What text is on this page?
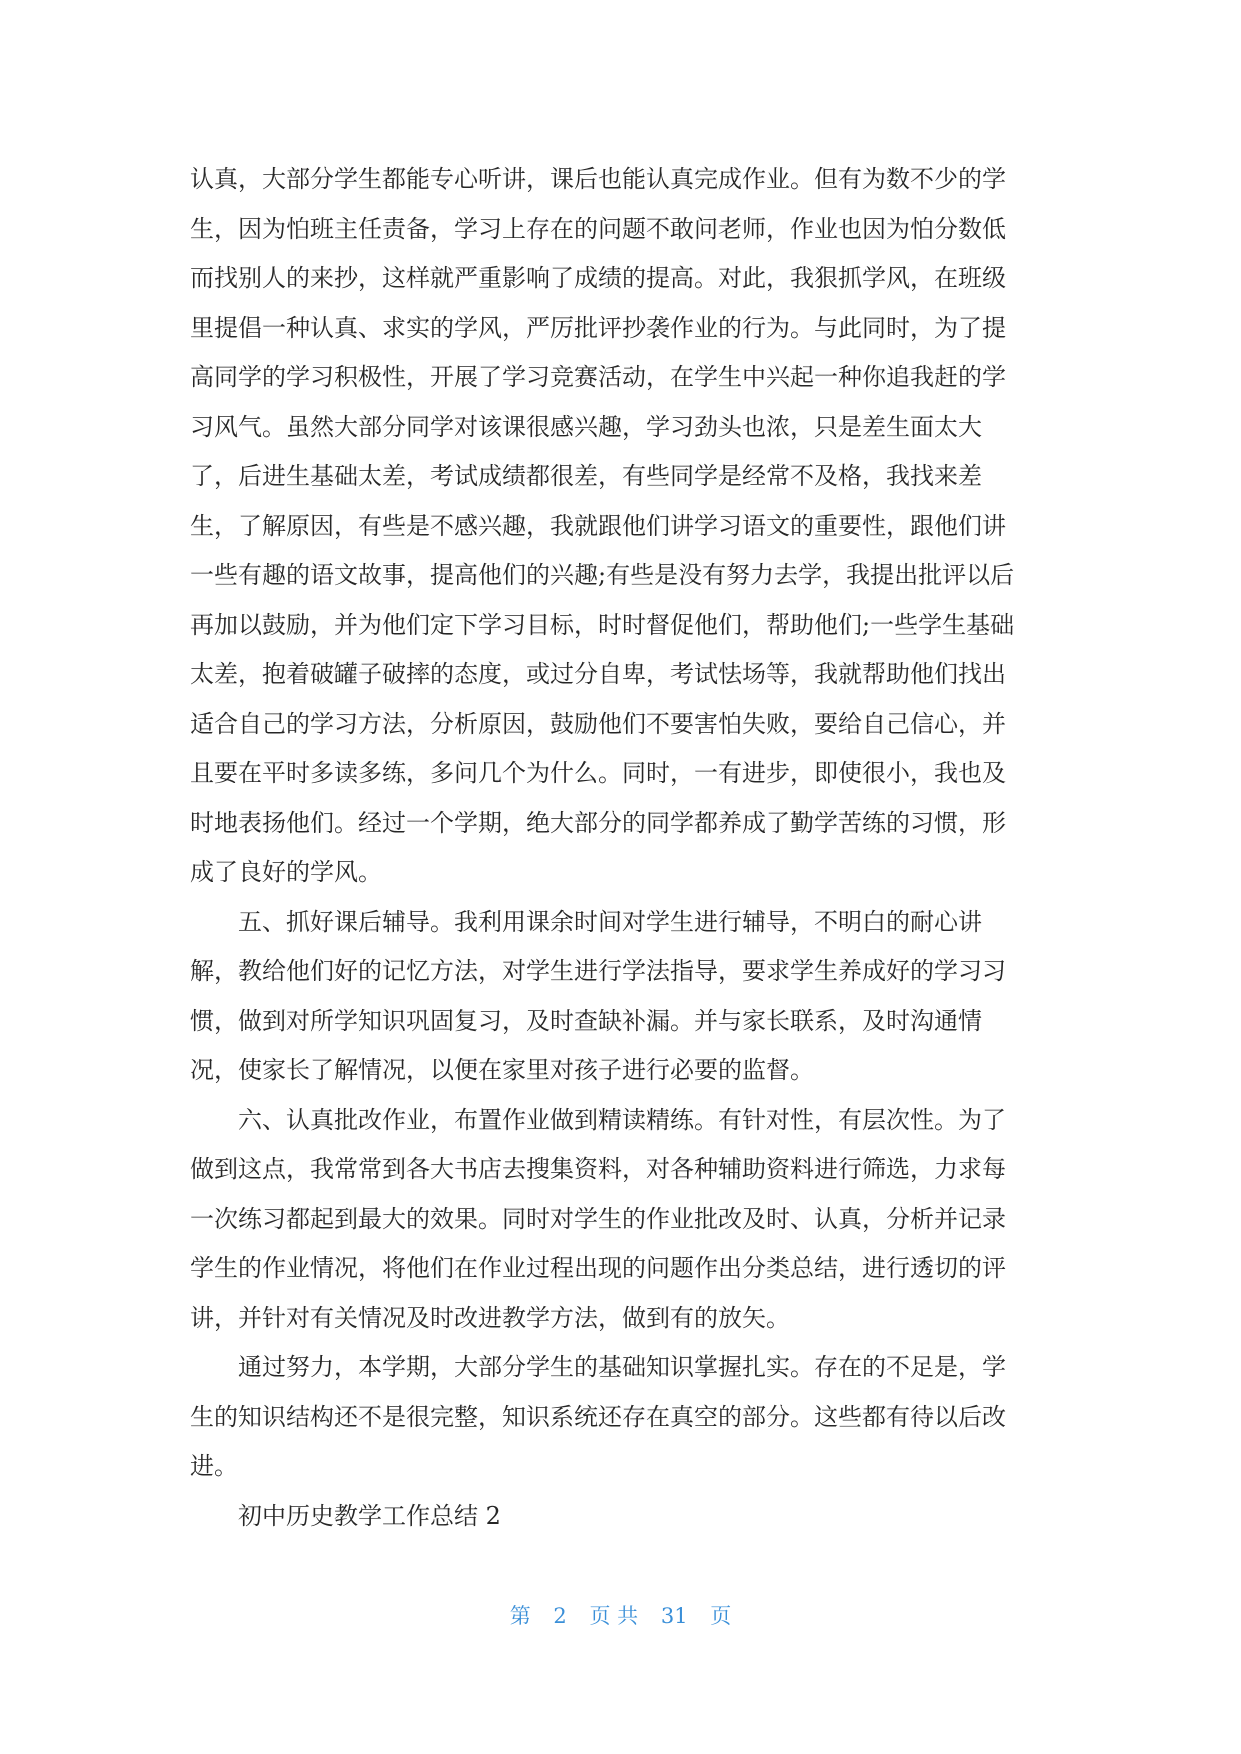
认真，大部分学生都能专心听讲，课后也能认真完成作业。但有为数不少的学
生，因为怕班主任责备，学习上存在的问题不敢问老师，作业也因为怕分数低
而找别人的来抄，这样就严重影响了成绩的提高。对此，我狠抓学风，在班级
里提倡一种认真、求实的学风，严厉批评抄袭作业的行为。与此同时，为了提
高同学的学习积极性，开展了学习竞赛活动，在学生中兴起一种你追我赶的学
习风气。虽然大部分同学对该课很感兴趣，学习劲头也浓，只是差生面太大
了，后进生基础太差，考试成绩都很差，有些同学是经常不及格，我找来差
生，了解原因，有些是不感兴趣，我就跟他们讲学习语文的重要性，跟他们讲
一些有趣的语文故事，提高他们的兴趣;有些是没有努力去学，我提出批评以后
再加以鼓励，并为他们定下学习目标，时时督促他们，帮助他们;一些学生基础
太差，抱着破罐子破摔的态度，或过分自卑，考试怯场等，我就帮助他们找出
适合自己的学习方法，分析原因，鼓励他们不要害怕失败，要给自己信心，并
且要在平时多读多练，多问几个为什么。同时，一有进步，即使很小，我也及
时地表扬他们。经过一个学期，绝大部分的同学都养成了勤学苦练的习惯，形
成了良好的学风。
　　五、抓好课后辅导。我利用课余时间对学生进行辅导，不明白的耐心讲
解，教给他们好的记忆方法，对学生进行学法指导，要求学生养成好的学习习
惯，做到对所学知识巩固复习，及时查缺补漏。并与家长联系，及时沟通情
况，使家长了解情况，以便在家里对孩子进行必要的监督。
　　六、认真批改作业，布置作业做到精读精练。有针对性，有层次性。为了
做到这点，我常常到各大书店去搜集资料，对各种辅助资料进行筛选，力求每
一次练习都起到最大的效果。同时对学生的作业批改及时、认真，分析并记录
学生的作业情况，将他们在作业过程出现的问题作出分类总结，进行透切的评
讲，并针对有关情况及时改进教学方法，做到有的放矢。
　　通过努力，本学期，大部分学生的基础知识掌握扎实。存在的不足是，学
生的知识结构还不是很完整，知识系统还存在真空的部分。这些都有待以后改
进。
　　初中历史教学工作总结 2
第 2 页 共 31 页
